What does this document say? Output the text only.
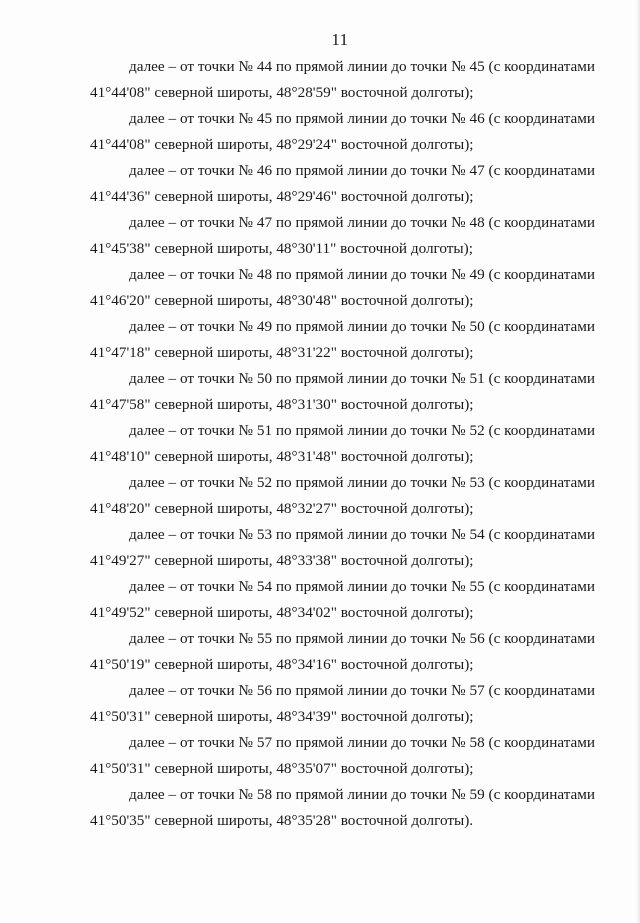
11

далее – от точки № 44 по прямой линии до точки № 45 (с координатами
41°44'08" северной широты, 48°28'59" восточной долготы);

далее – от точки № 45 по прямой линии до точки № 46 (с координатами
41°44'08" северной широты, 48°29'24" восточной долготы);

далее – от точки № 46 по прямой линии до точки № 47 (с координатами
41°44'36" северной широты, 48°29'46" восточной долготы);

далее – от точки № 47 по прямой линии до точки № 48 (с координатами
41°45'38" северной широты, 48°30'11" восточной долготы);

далее – от точки № 48 по прямой линии до точки № 49 (с координатами
41°46'20" северной широты, 48°30'48" восточной долготы);

далее – от точки № 49 по прямой линии до точки № 50 (с координатами
41°47'18" северной широты, 48°31'22" восточной долготы);

далее – от точки № 50 по прямой линии до точки № 51 (с координатами
41°47'58" северной широты, 48°31'30" восточной долготы);

далее – от точки № 51 по прямой линии до точки № 52 (с координатами
41°48'10" северной широты, 48°31'48" восточной долготы);

далее – от точки № 52 по прямой линии до точки № 53 (с координатами
41°48'20" северной широты, 48°32'27" восточной долготы);

далее – от точки № 53 по прямой линии до точки № 54 (с координатами
41°49'27" северной широты, 48°33'38" восточной долготы);

далее – от точки № 54 по прямой линии до точки № 55 (с координатами
41°49'52" северной широты, 48°34'02" восточной долготы);

далее – от точки № 55 по прямой линии до точки № 56 (с координатами
41°50'19" северной широты, 48°34'16" восточной долготы);

далее – от точки № 56 по прямой линии до точки № 57 (с координатами
41°50'31" северной широты, 48°34'39" восточной долготы);

далее – от точки № 57 по прямой линии до точки № 58 (с координатами
41°50'31" северной широты, 48°35'07" восточной долготы);

далее – от точки № 58 по прямой линии до точки № 59 (с координатами
41°50'35" северной широты, 48°35'28" восточной долготы).
